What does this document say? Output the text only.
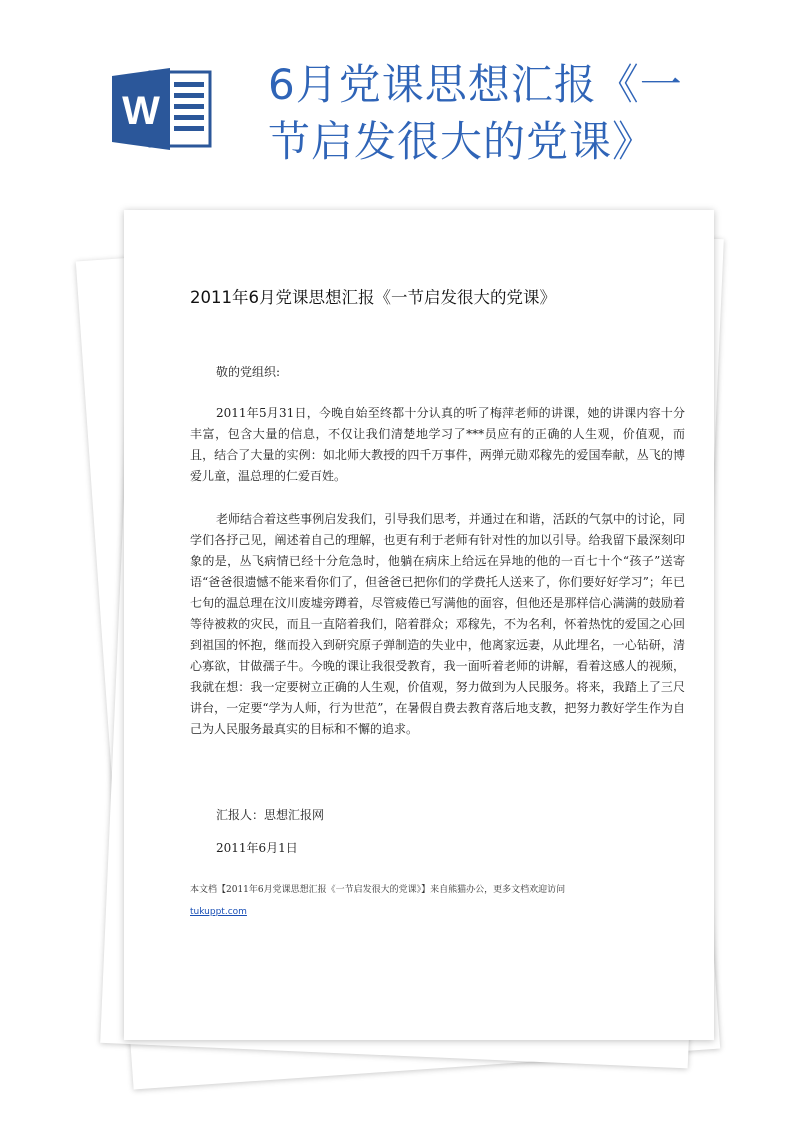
W
6月党课思想汇报《一
节启发很大的党课》
2011年6月党课思想汇报《一节启发很大的党课》
敬的党组织:

2011年5月31日，今晚自始至终都十分认真的听了梅萍老师的讲课，她的讲课内容十分丰富，包含大量的信息，不仅让我们清楚地学习了***员应有的正确的人生观，价值观，而且，结合了大量的实例：如北师大教授的四千万事件，两弹元勋邓稼先的爱国奉献，丛飞的博爱儿童，温总理的仁爱百姓。

老师结合着这些事例启发我们，引导我们思考，并通过在和谐，活跃的气氛中的讨论，同学们各抒己见，阐述着自己的理解，也更有利于老师有针对性的加以引导。给我留下最深刻印象的是，丛飞病情已经十分危急时，他躺在病床上给远在异地的他的一百七十个“孩子”送寄语“爸爸很遗憾不能来看你们了，但爸爸已把你们的学费托人送来了，你们要好好学习”；年已七旬的温总理在汶川废墟旁蹲着，尽管疲倦已写满他的面容，但他还是那样信心满满的鼓励着等待被救的灾民，而且一直陪着我们，陪着群众；邓稼先，不为名利，怀着热忱的爱国之心回到祖国的怀抱，继而投入到研究原子弹制造的失业中，他离家远妻，从此埋名，一心钻研，清心寡欲，甘做孺子牛。今晚的课让我很受教育，我一面听着老师的讲解，看着这感人的视频，我就在想：我一定要树立正确的人生观，价值观，努力做到为人民服务。将来，我踏上了三尺讲台，一定要“学为人师，行为世范”，在暑假自费去教育落后地支教，把努力教好学生作为自己为人民服务最真实的目标和不懈的追求。

汇报人：思想汇报网
2011年6月1日
本文档【2011年6月党课思想汇报《一节启发很大的党课》】来自熊猫办公，更多文档欢迎访问
tukuppt.com
